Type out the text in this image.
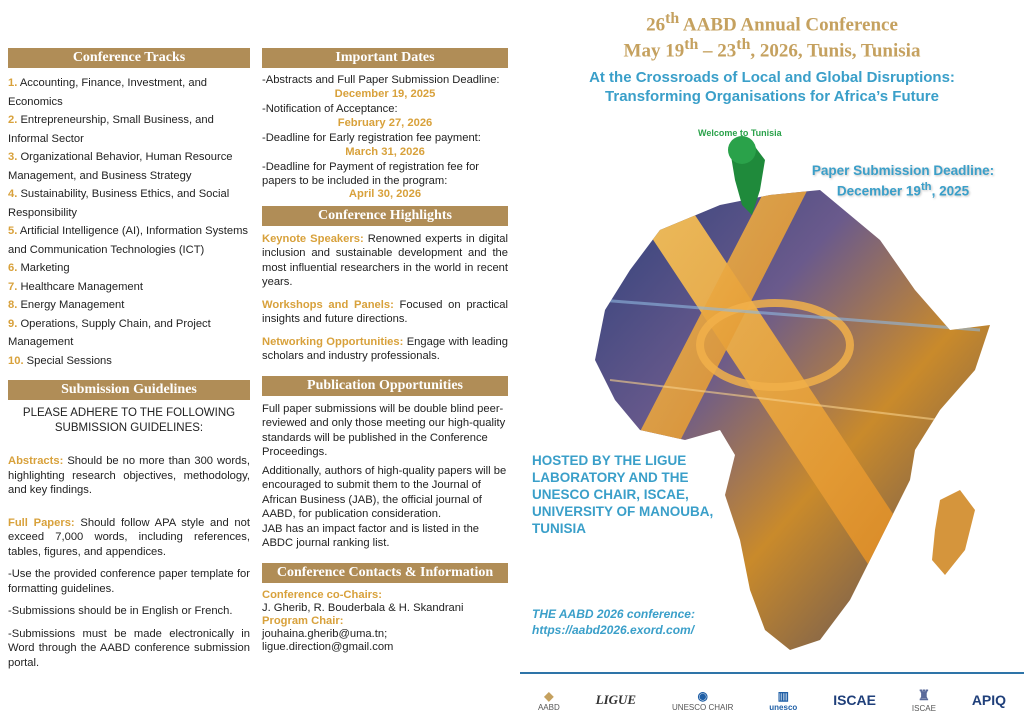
Conference Tracks
1. Accounting, Finance, Investment, and Economics
2. Entrepreneurship, Small Business, and Informal Sector
3. Organizational Behavior, Human Resource Management, and Business Strategy
4. Sustainability, Business Ethics, and Social Responsibility
5. Artificial Intelligence (AI), Information Systems and Communication Technologies (ICT)
6. Marketing
7. Healthcare Management
8. Energy Management
9. Operations, Supply Chain, and Project Management
10. Special Sessions
Submission Guidelines
PLEASE ADHERE TO THE FOLLOWING SUBMISSION GUIDELINES:

Abstracts: Should be no more than 300 words, highlighting research objectives, methodology, and key findings.

Full Papers: Should follow APA style and not exceed 7,000 words, including references, tables, figures, and appendices.

-Use the provided conference paper template for formatting guidelines.

-Submissions should be in English or French.

-Submissions must be made electronically in Word through the AABD conference submission portal.

Important Dates
-Abstracts and Full Paper Submission Deadline:
December 19, 2025
-Notification of Acceptance:
February 27, 2026
-Deadline for Early registration fee payment:
March 31, 2026
-Deadline for Payment of registration fee for papers to be included in the program:
April 30, 2026
Conference Highlights

Keynote Speakers: Renowned experts in digital inclusion and sustainable development and the most influential researchers in the world in recent years.

Workshops and Panels: Focused on practical insights and future directions.

Networking Opportunities: Engage with leading scholars and industry professionals.

Publication Opportunities

Full paper submissions will be double blind peer-reviewed and only those meeting our high-quality standards will be published in the Conference Proceedings.

Additionally, authors of high-quality papers will be encouraged to submit them to the Journal of African Business (JAB), the official journal of AABD, for publication consideration.

JAB has an impact factor and is listed in the ABDC journal ranking list.

Conference Contacts & Information
Conference co-Chairs:
J. Gherib, R. Bouderbala & H. Skandrani
Program Chair:
jouhaina.gherib@uma.tn;
ligue.direction@gmail.com
26th AABD Annual Conference
May 19th – 23th, 2026, Tunis, Tunisia
At the Crossroads of Local and Global Disruptions:
Transforming Organisations for Africa’s Future
Welcome to Tunisia
Paper Submission Deadline:
December 19th, 2025
HOSTED BY THE LIGUE LABORATORY AND THE UNESCO CHAIR, ISCAE, UNIVERSITY OF MANOUBA, TUNISIA
THE AABD 2026 conference:
https://aabd2026.exord.com/
◆
AABD	LIGUE	◉
UNESCO CHAIR
▥
unesco	ISCAE	♜
ISCAE
APIQ
